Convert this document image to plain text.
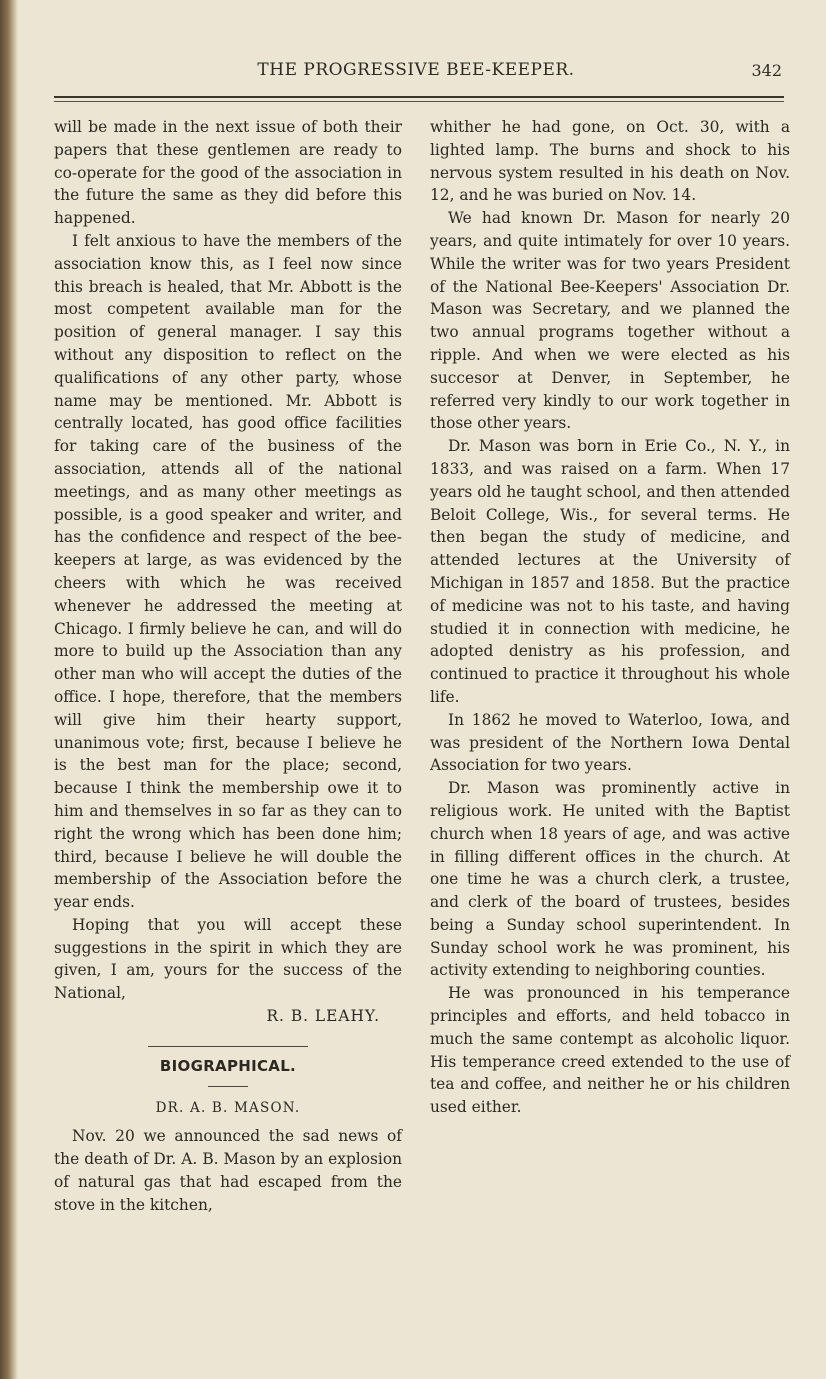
THE PROGRESSIVE BEE-KEEPER.	342

will be made in the next issue of both their papers that these gentlemen are ready to co-operate for the good of the association in the future the same as they did before this happened.

I felt anxious to have the members of the association know this, as I feel now since this breach is healed, that Mr. Abbott is the most competent available man for the position of general manager. I say this without any disposition to reflect on the qualifications of any other party, whose name may be mentioned. Mr. Abbott is centrally located, has good office facilities for taking care of the business of the association, attends all of the national meetings, and as many other meetings as possible, is a good speaker and writer, and has the confidence and respect of the bee-keepers at large, as was evidenced by the cheers with which he was received whenever he addressed the meeting at Chicago. I firmly believe he can, and will do more to build up the Association than any other man who will accept the duties of the office. I hope, therefore, that the members will give him their hearty support, unanimous vote; first, because I believe he is the best man for the place; second, because I think the membership owe it to him and themselves in so far as they can to right the wrong which has been done him; third, because I believe he will double the membership of the Association before the year ends.

Hoping that you will accept these suggestions in the spirit in which they are given, I am, yours for the success of the National,

R. B. LEAHY.

BIOGRAPHICAL.

DR. A. B. MASON.

Nov. 20 we announced the sad news of the death of Dr. A. B. Mason by an explosion of natural gas that had escaped from the stove in the kitchen,

whither he had gone, on Oct. 30, with a lighted lamp. The burns and shock to his nervous system resulted in his death on Nov. 12, and he was buried on Nov. 14.

We had known Dr. Mason for nearly 20 years, and quite intimately for over 10 years. While the writer was for two years President of the National Bee-Keepers' Association Dr. Mason was Secretary, and we planned the two annual programs together without a ripple. And when we were elected as his succesor at Denver, in September, he referred very kindly to our work together in those other years.

Dr. Mason was born in Erie Co., N. Y., in 1833, and was raised on a farm. When 17 years old he taught school, and then attended Beloit College, Wis., for several terms. He then began the study of medicine, and attended lectures at the University of Michigan in 1857 and 1858. But the practice of medicine was not to his taste, and having studied it in connection with medicine, he adopted denistry as his profession, and continued to practice it throughout his whole life.

In 1862 he moved to Waterloo, Iowa, and was president of the Northern Iowa Dental Association for two years.

Dr. Mason was prominently active in religious work. He united with the Baptist church when 18 years of age, and was active in filling different offices in the church. At one time he was a church clerk, a trustee, and clerk of the board of trustees, besides being a Sunday school superintendent. In Sunday school work he was prominent, his activity extending to neighboring counties.

He was pronounced in his temperance principles and efforts, and held tobacco in much the same contempt as alcoholic liquor. His temperance creed extended to the use of tea and coffee, and neither he or his children used either.
